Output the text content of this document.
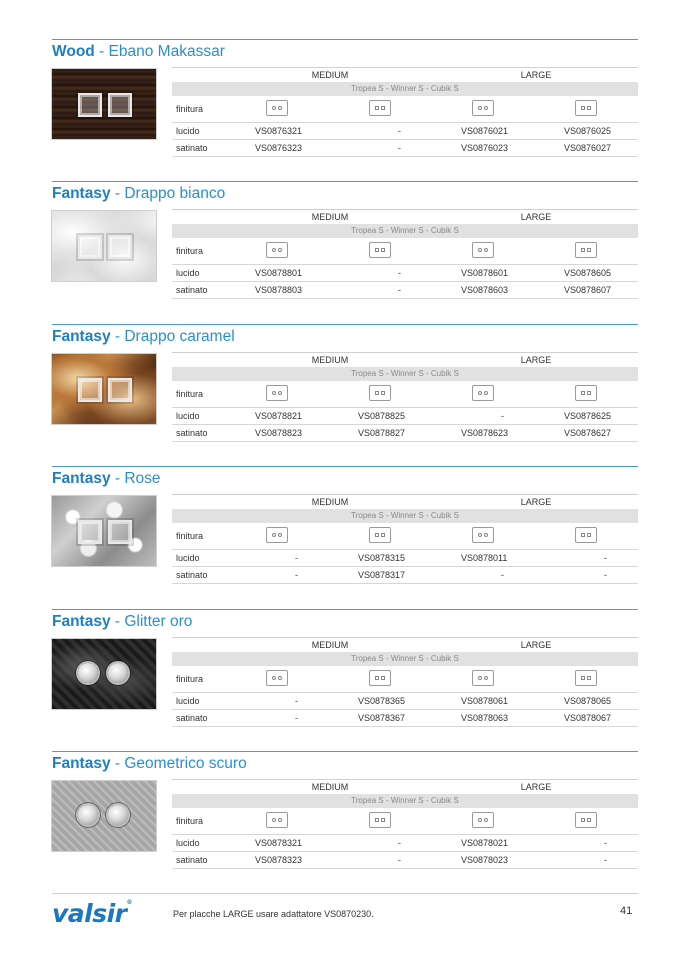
Wood - Ebano Makassar
MEDIUM	LARGE
Tropea S - Winner S - Cubik S
finitura
lucido	VS0876321	-	VS0876021	VS0876025
satinato	VS0876323	-	VS0876023	VS0876027
Fantasy - Drappo bianco
MEDIUM	LARGE
Tropea S - Winner S - Cubik S
finitura
lucido	VS0878801	-	VS0878601	VS0878605
satinato	VS0878803	-	VS0878603	VS0878607
Fantasy - Drappo caramel
MEDIUM	LARGE
Tropea S - Winner S - Cubik S
finitura
lucido	VS0878821	VS0878825	-	VS0878625
satinato	VS0878823	VS0878827	VS0878623	VS0878627
Fantasy - Rose
MEDIUM	LARGE
Tropea S - Winner S - Cubik S
finitura
lucido	-	VS0878315	VS0878011	-
satinato	-	VS0878317	-	-
Fantasy - Glitter oro
MEDIUM	LARGE
Tropea S - Winner S - Cubik S
finitura
lucido	-	VS0878365	VS0878061	VS0878065
satinato	-	VS0878367	VS0878063	VS0878067
Fantasy - Geometrico scuro
MEDIUM	LARGE
Tropea S - Winner S - Cubik S
finitura
lucido	VS0878321	-	VS0878021	-
satinato	VS0878323	-	VS0878023	-
valsir®
Per placche LARGE usare adattatore VS0870230.	41
